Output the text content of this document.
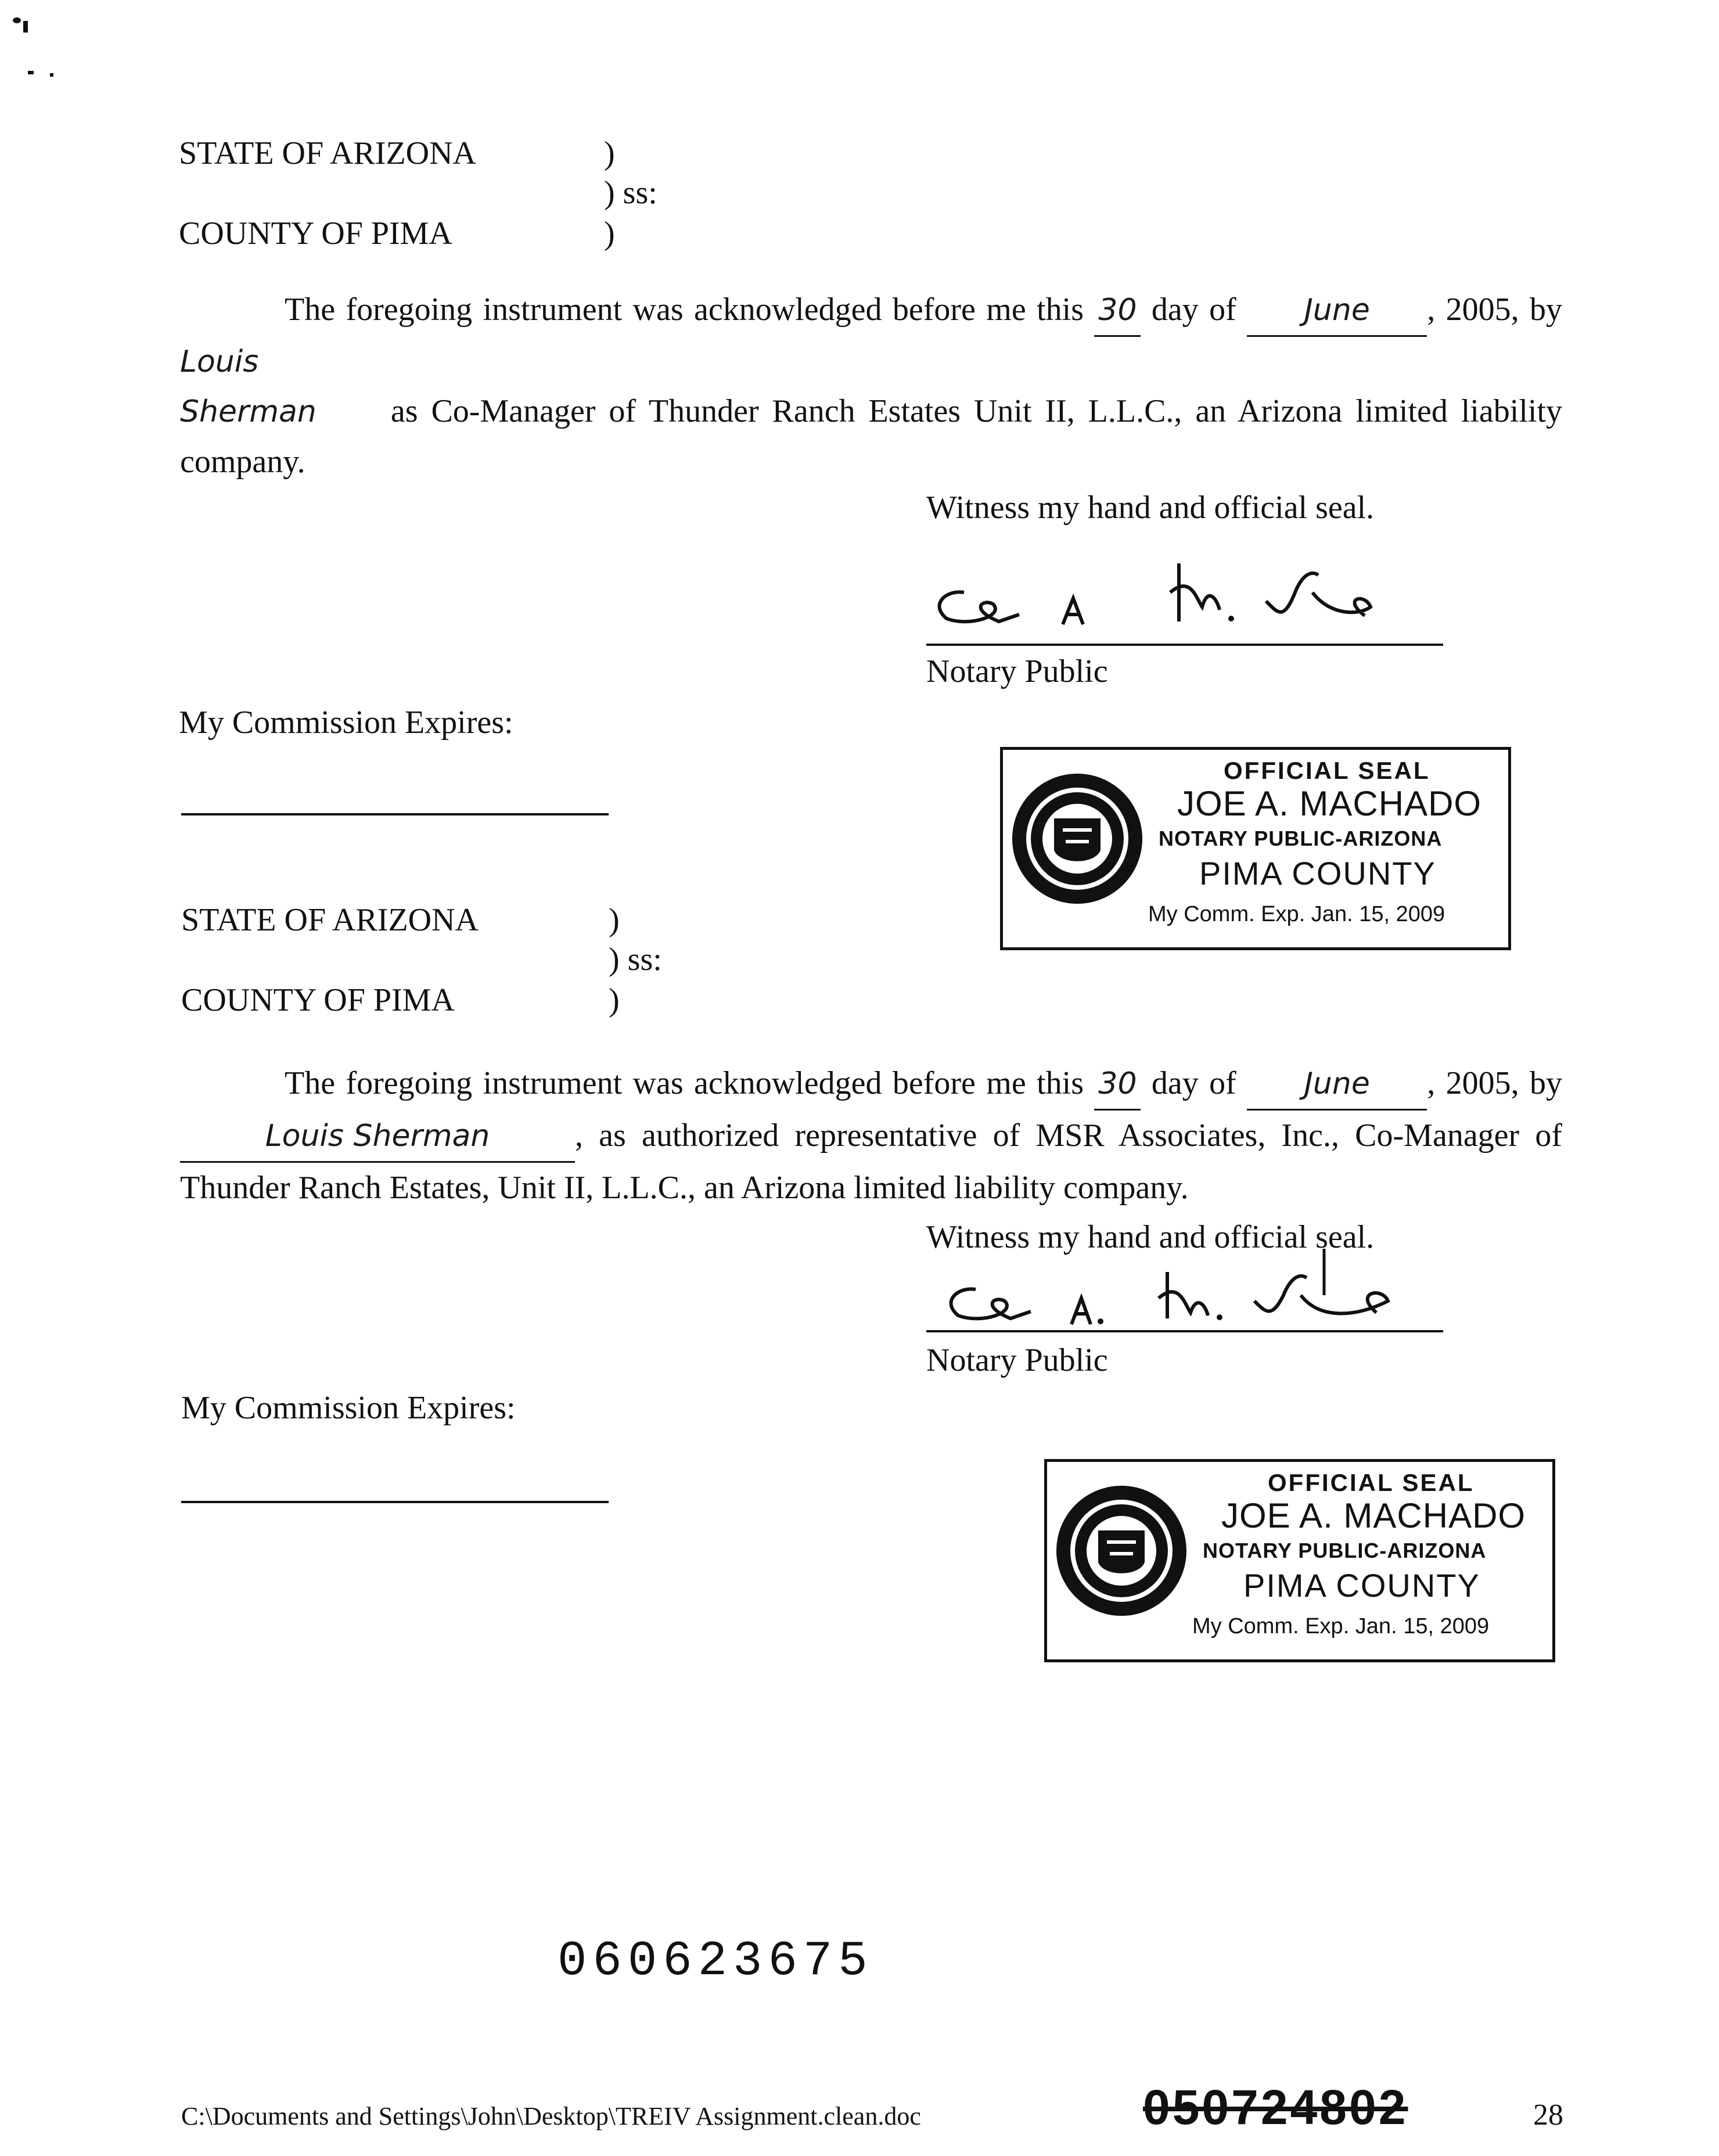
STATE OF ARIZONA	)
) ss:
COUNTY OF PIMA	)
The foregoing instrument was acknowledged before me this 30 day of June , 2005, byLouis Sherman as Co-Manager of Thunder Ranch Estates Unit II, L.L.C., an Arizona limited liability company.
Witness my hand and official seal.
Notary Public
My Commission Expires:
OFFICIAL SEAL
JOE A. MACHADO
NOTARY PUBLIC-ARIZONA
PIMA COUNTY
My Comm. Exp. Jan. 15, 2009
STATE OF ARIZONA	)
) ss:
COUNTY OF PIMA	)
The foregoing instrument was acknowledged before me this 30 day of June , 2005, by Louis Sherman	, as authorized representative of MSR Associates, Inc., Co-Manager of Thunder Ranch Estates, Unit II, L.L.C., an Arizona limited liability company.
Witness my hand and official seal.
Notary Public
My Commission Expires:
OFFICIAL SEAL
JOE A. MACHADO
NOTARY PUBLIC-ARIZONA
PIMA COUNTY
My Comm. Exp. Jan. 15, 2009
060623675
C:\Documents and Settings\John\Desktop\TREIV Assignment.clean.doc	050724802	28
